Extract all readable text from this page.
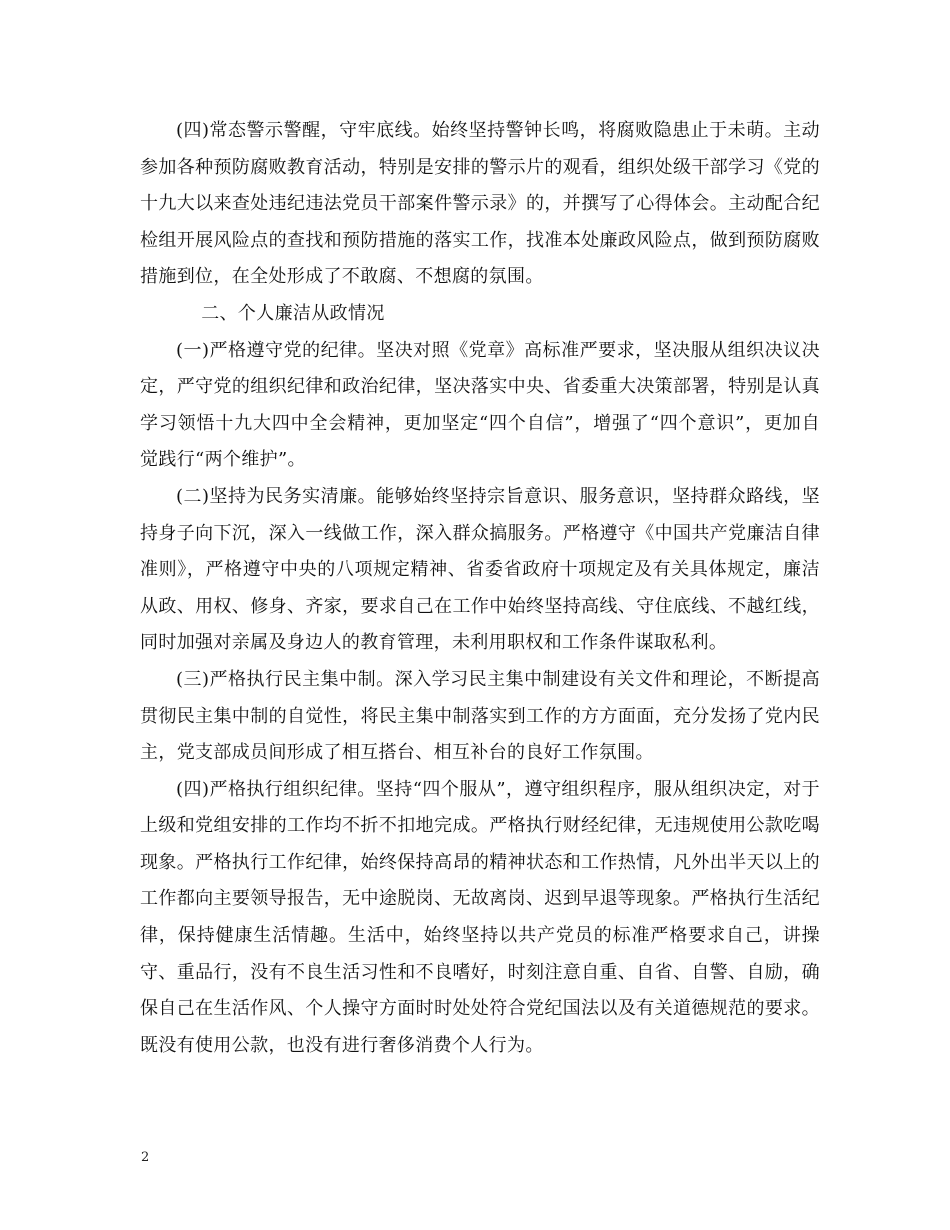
(四)常态警示警醒，守牢底线。始终坚持警钟长鸣，将腐败隐患止于未萌。主动参加各种预防腐败教育活动，特别是安排的警示片的观看，组织处级干部学习《党的十九大以来查处违纪违法党员干部案件警示录》的，并撰写了心得体会。主动配合纪检组开展风险点的查找和预防措施的落实工作，找准本处廉政风险点，做到预防腐败措施到位，在全处形成了不敢腐、不想腐的氛围。

二、个人廉洁从政情况

(一)严格遵守党的纪律。坚决对照《党章》高标准严要求，坚决服从组织决议决定，严守党的组织纪律和政治纪律，坚决落实中央、省委重大决策部署，特别是认真学习领悟十九大四中全会精神，更加坚定“四个自信”，增强了“四个意识”，更加自觉践行“两个维护”。

(二)坚持为民务实清廉。能够始终坚持宗旨意识、服务意识，坚持群众路线，坚持身子向下沉，深入一线做工作，深入群众搞服务。严格遵守《中国共产党廉洁自律准则》，严格遵守中央的八项规定精神、省委省政府十项规定及有关具体规定，廉洁从政、用权、修身、齐家，要求自己在工作中始终坚持高线、守住底线、不越红线，同时加强对亲属及身边人的教育管理，未利用职权和工作条件谋取私利。

(三)严格执行民主集中制。深入学习民主集中制建设有关文件和理论，不断提高贯彻民主集中制的自觉性，将民主集中制落实到工作的方方面面，充分发扬了党内民主，党支部成员间形成了相互搭台、相互补台的良好工作氛围。

(四)严格执行组织纪律。坚持“四个服从”，遵守组织程序，服从组织决定，对于上级和党组安排的工作均不折不扣地完成。严格执行财经纪律，无违规使用公款吃喝现象。严格执行工作纪律，始终保持高昂的精神状态和工作热情，凡外出半天以上的工作都向主要领导报告，无中途脱岗、无故离岗、迟到早退等现象。严格执行生活纪律，保持健康生活情趣。生活中，始终坚持以共产党员的标准严格要求自己，讲操守、重品行，没有不良生活习性和不良嗜好，时刻注意自重、自省、自警、自励，确保自己在生活作风、个人操守方面时时处处符合党纪国法以及有关道德规范的要求。既没有使用公款，也没有进行奢侈消费个人行为。

2
